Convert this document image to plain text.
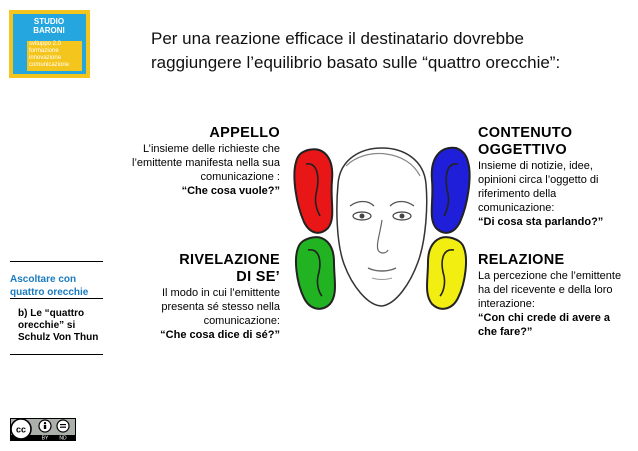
STUDIO
BARONI
sviluppo 2.0
formazione
innovazione
comunicazione
Per una reazione efficace il destinatario dovrebbe
raggiungere l’equilibrio basato sulle “quattro orecchie”:
APPELLO
L’insieme delle richieste che l’emittente manifesta nella sua comunicazione :
“Che cosa vuole?”
CONTENUTO
OGGETTIVO
Insieme di notizie, idee, opinioni circa l’oggetto di riferimento della comunicazione:
“Di cosa sta parlando?”
RIVELAZIONE
DI SE’
Il modo in cui l’emittente presenta sé stesso nella comunicazione:
“Che cosa dice di sé?”
RELAZIONE
La percezione che l’emittente ha del ricevente e della loro interazione:
“Con chi crede di avere a che fare?”
Ascoltare con quattro orecchie
b) Le “quattro orecchie” si Schulz Von Thun
cc
BY ND
